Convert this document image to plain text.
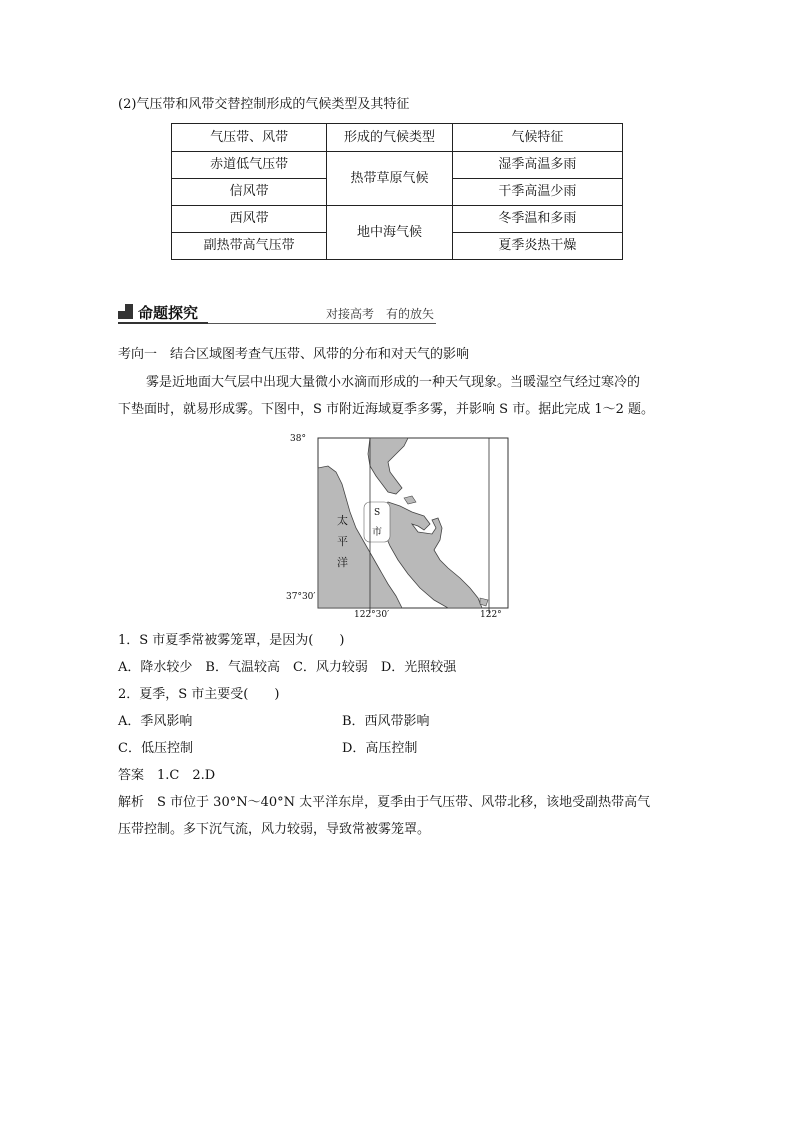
(2)气压带和风带交替控制形成的气候类型及其特征
气压带、风带	形成的气候类型	气候特征
赤道低气压带	热带草原气候	湿季高温多雨
信风带		干季高温少雨
西风带	地中海气候	冬季温和多雨
副热带高气压带		夏季炎热干燥
命题探究	对接高考　有的放矢
考向一　结合区域图考查气压带、风带的分布和对天气的影响
雾是近地面大气层中出现大量微小水滴而形成的一种天气现象。当暖湿空气经过寒冷的
下垫面时，就易形成雾。下图中，S 市附近海域夏季多雾，并影响 S 市。据此完成 1～2 题。
38°
37°30′
122°30′	122°
太
平
洋
S
市
1．S 市夏季常被雾笼罩，是因为(　　)
A．降水较少　B．气温较高　C．风力较弱　D．光照较强
2．夏季，S 市主要受(　　)
A．季风影响	B．西风带影响
C．低压控制	D．高压控制
答案　1.C　2.D
解析　S 市位于 30°N～40°N 太平洋东岸，夏季由于气压带、风带北移，该地受副热带高气
压带控制。多下沉气流，风力较弱，导致常被雾笼罩。
